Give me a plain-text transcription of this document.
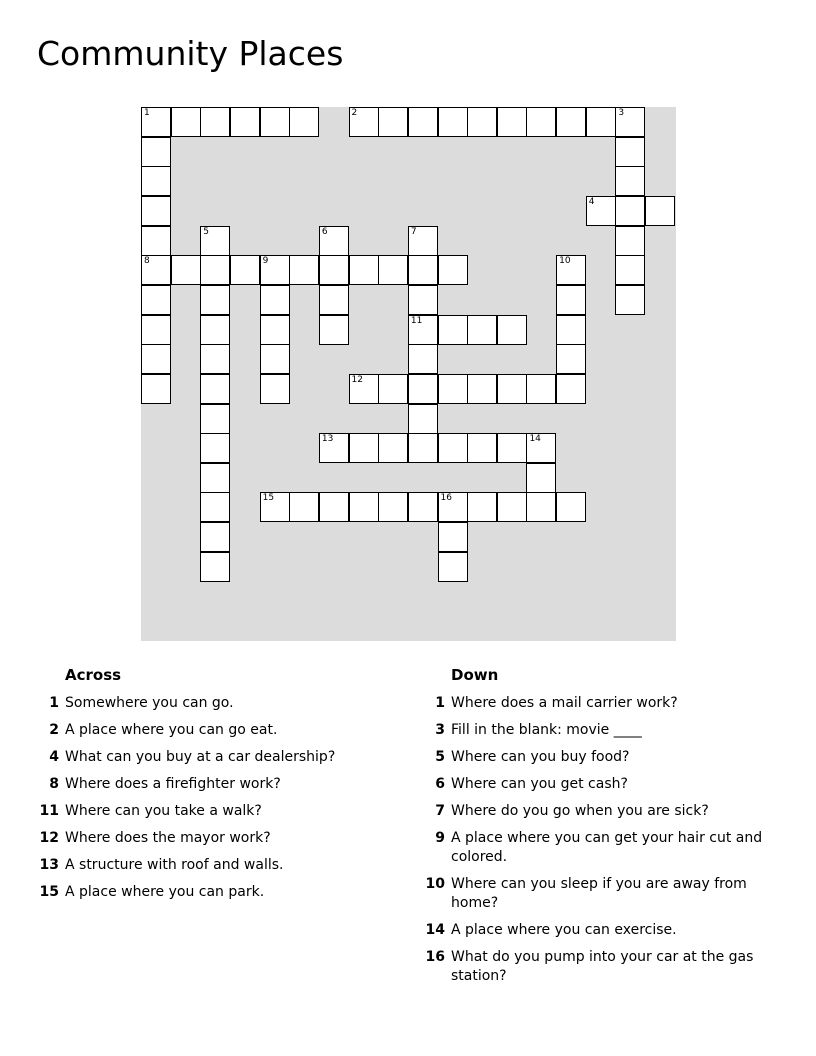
Community Places
1	2	3
8
4
5	6	7
11
9	10
12
13	14
15	16
Across
1 Somewhere you can go.
2 A place where you can go eat.
4 What can you buy at a car dealership?
8 Where does a firefighter work?
11 Where can you take a walk?
12 Where does the mayor work?
13 A structure with roof and walls.
15 A place where you can park.
Down
1 Where does a mail carrier work?
3 Fill in the blank: movie ____
5 Where can you buy food?
6 Where can you get cash?
7 Where do you go when you are sick?
9 A place where you can get your hair cut and colored.
10 Where can you sleep if you are away from home?
14 A place where you can exercise.
16 What do you pump into your car at the gas station?
